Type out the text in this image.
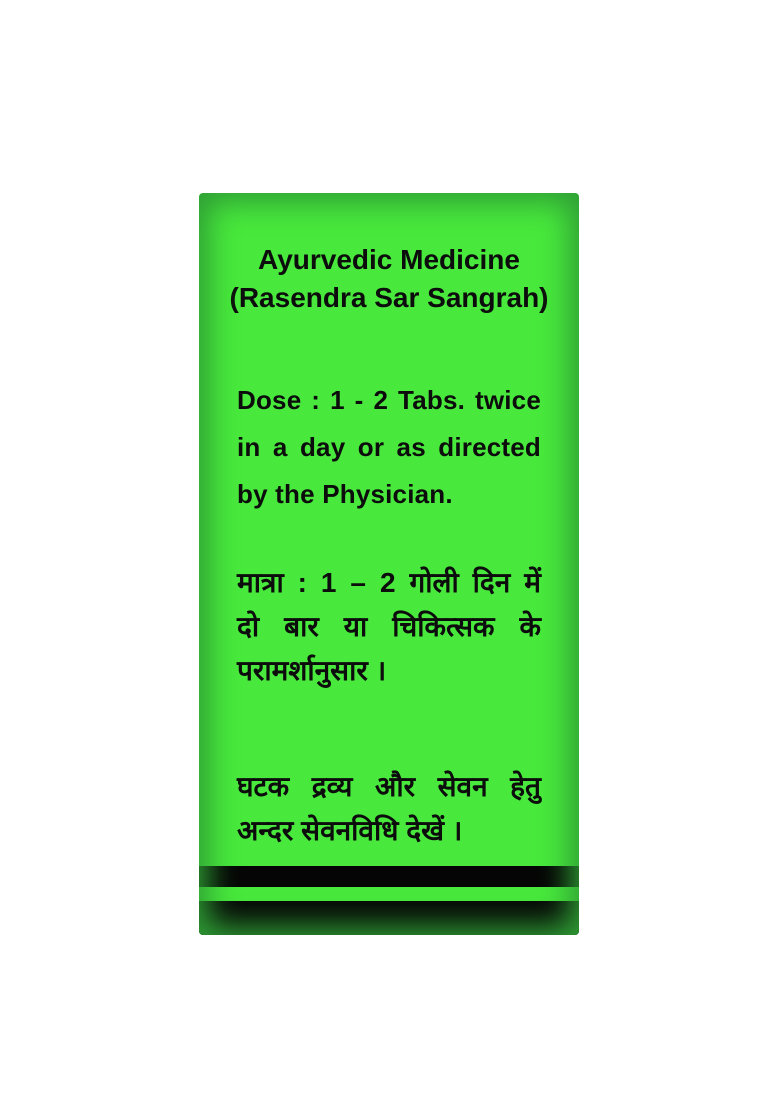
Ayurvedic Medicine
(Rasendra Sar Sangrah)
Dose : 1 - 2 Tabs. twice
in a day or as directed
by the Physician.
मात्रा : 1 – 2 गोली दिन में
दो बार या चिकित्सक के
परामर्शानुसार ।
घटक द्रव्य और सेवन हेतु
अन्दर सेवनविधि देखें ।
